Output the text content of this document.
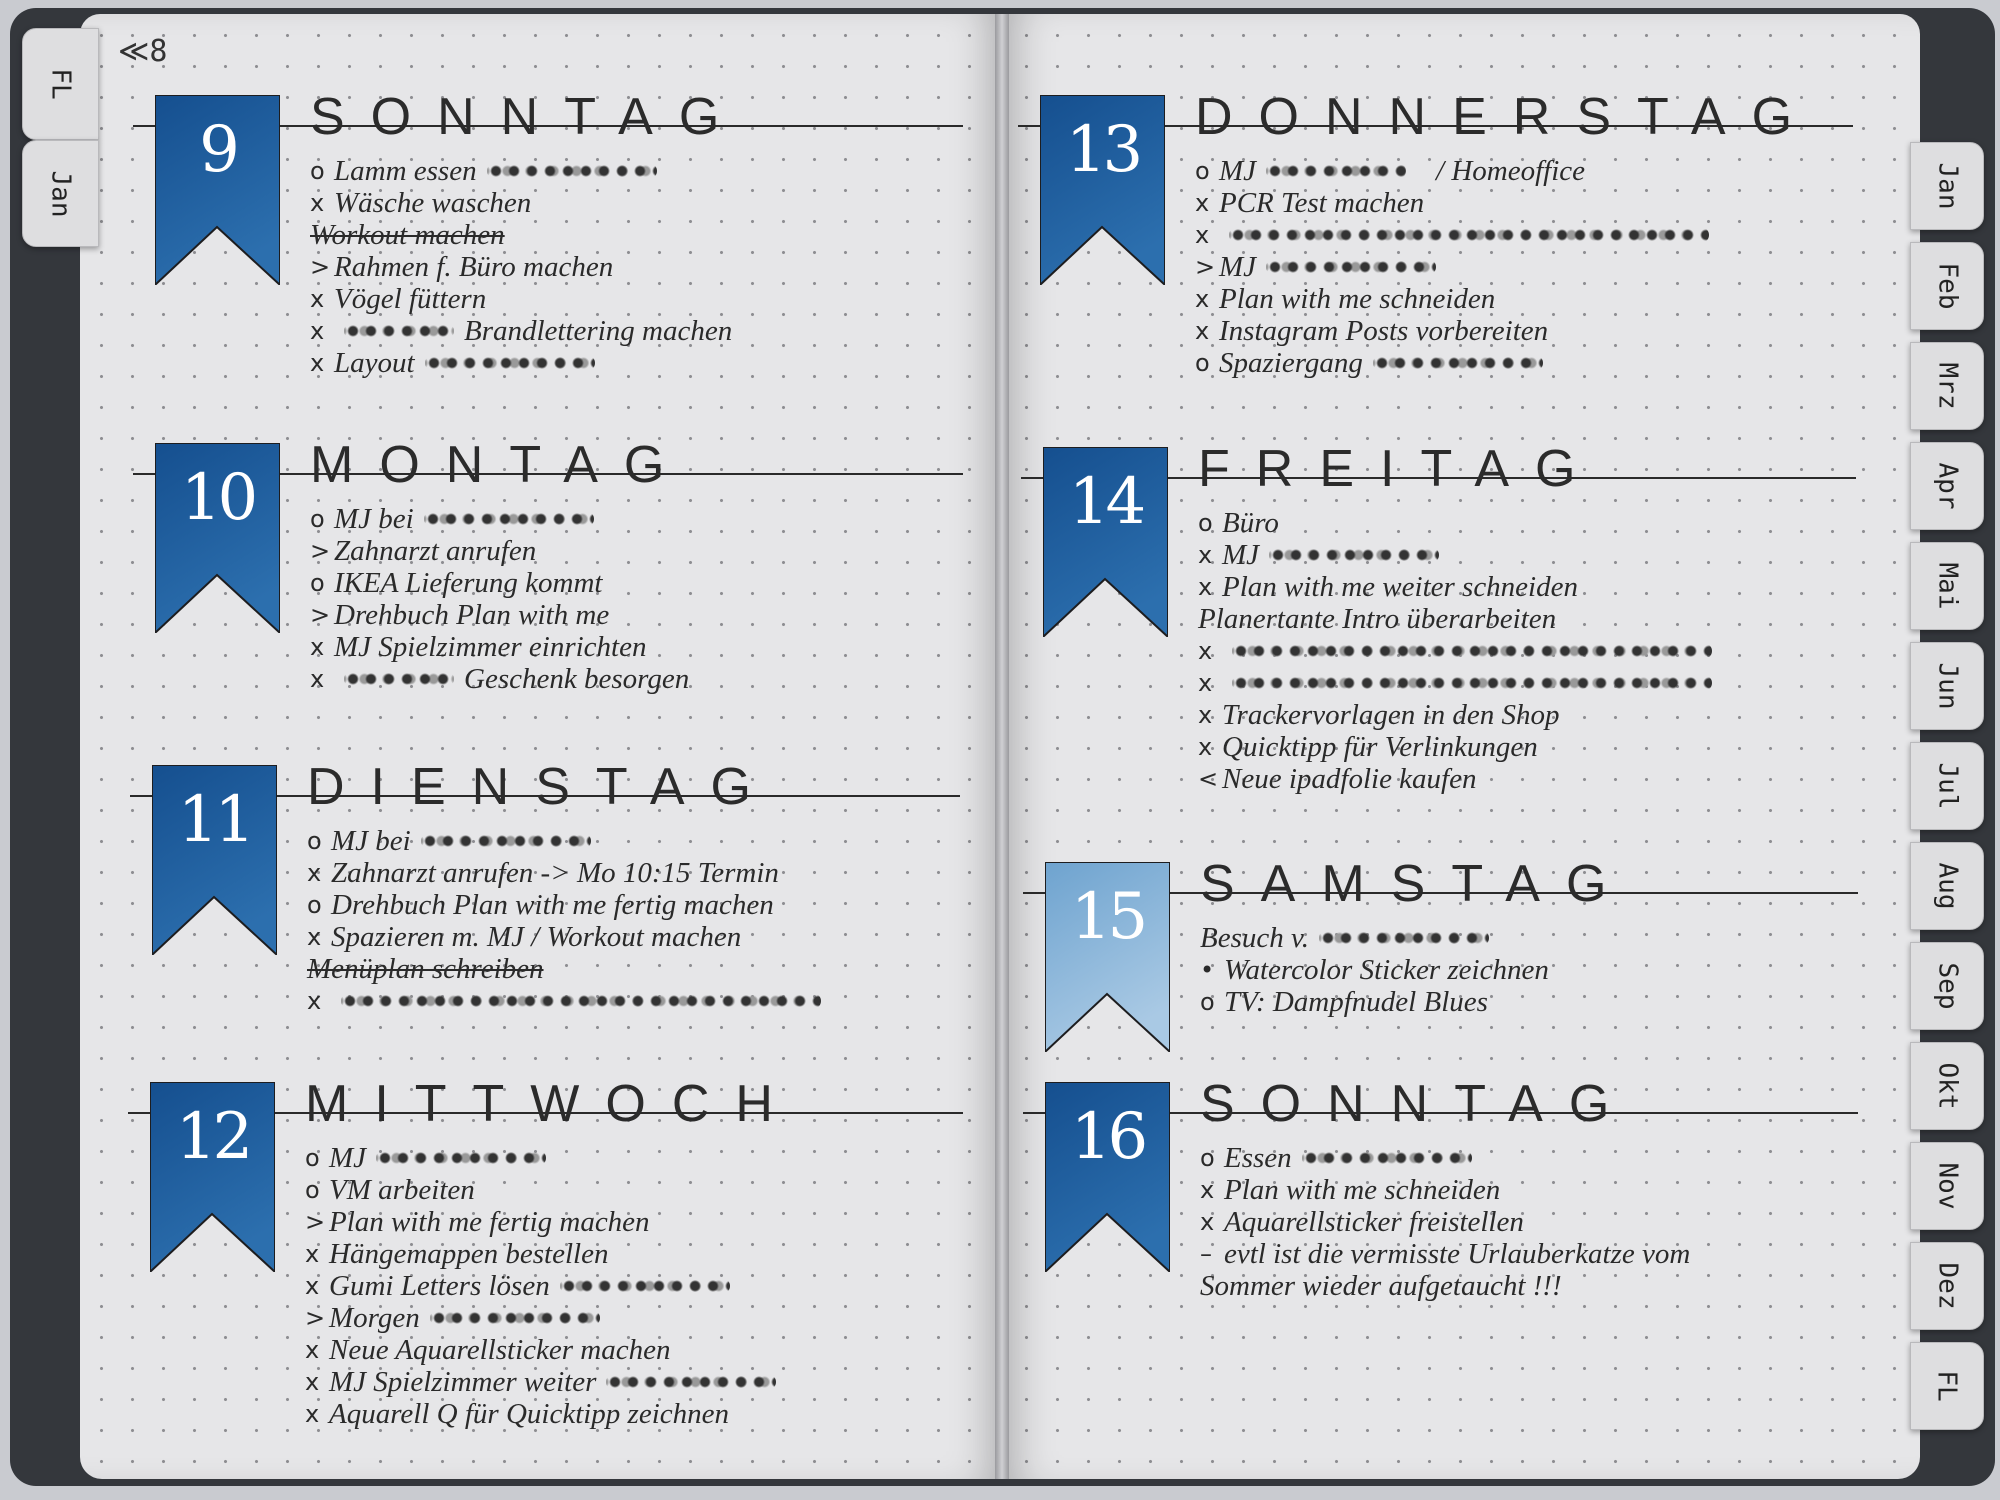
≪8
FL
Jan	Jan
Feb
Mrz
Apr
Mai
Jun
Jul
Aug
Sep
Okt
Nov
Dez
FL
9	SONNTAG
o Lamm essen
x Wäsche waschen
Workout machen
> Rahmen f. Büro machen
x Vögel füttern
x	Brandlettering machen
x Layout
10	MONTAG
o MJ bei
> Zahnarzt anrufen
o IKEA Lieferung kommt
> Drehbuch Plan with me
x MJ Spielzimmer einrichten
x	Geschenk besorgen
11	DIENSTAG
o MJ bei
x Zahnarzt anrufen -> Mo 10:15 Termin
o Drehbuch Plan with me fertig machen
x Spazieren m. MJ / Workout machen
Menüplan schreiben
x
12	MITTWOCH
o MJ
o VM arbeiten
> Plan with me fertig machen
x Hängemappen bestellen
x Gumi Letters lösen
> Morgen
x Neue Aquarellsticker machen
x MJ Spielzimmer weiter
x Aquarell Q für Quicktipp zeichnen
13	DONNERSTAG
o MJ	/ Homeoffice
x PCR Test machen
x
> MJ
x Plan with me schneiden
x Instagram Posts vorbereiten
o Spaziergang
14	FREITAG
o Büro
x MJ
x Plan with me weiter schneiden
Planertante Intro überarbeiten
x
x
x Trackervorlagen in den Shop
x Quicktipp für Verlinkungen
< Neue ipadfolie kaufen
15	SAMSTAG
Besuch v.
• Watercolor Sticker zeichnen
o TV: Dampfnudel Blues
16	SONNTAG
o Essen
x Plan with me schneiden
x Aquarellsticker freistellen
– evtl ist die vermisste Urlauberkatze vom
Sommer wieder aufgetaucht !!!
